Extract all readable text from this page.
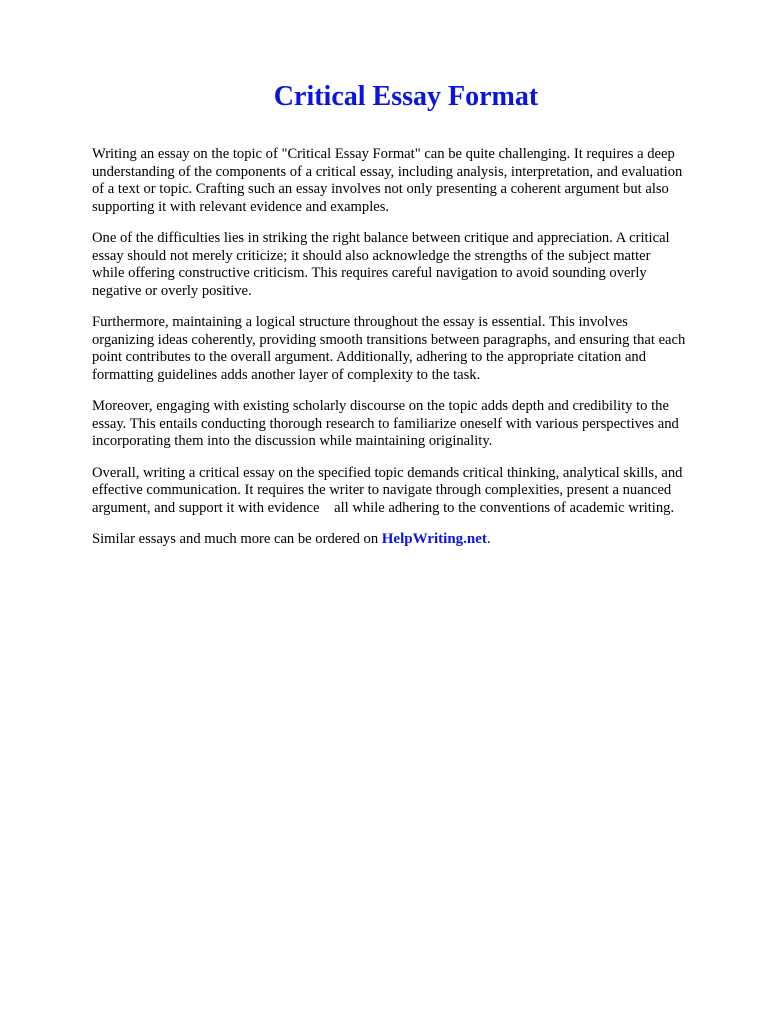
Critical Essay Format

Writing an essay on the topic of "Critical Essay Format" can be quite challenging. It requires a deep
understanding of the components of a critical essay, including analysis, interpretation, and evaluation
of a text or topic. Crafting such an essay involves not only presenting a coherent argument but also
supporting it with relevant evidence and examples.

One of the difficulties lies in striking the right balance between critique and appreciation. A critical
essay should not merely criticize; it should also acknowledge the strengths of the subject matter
while offering constructive criticism. This requires careful navigation to avoid sounding overly
negative or overly positive.

Furthermore, maintaining a logical structure throughout the essay is essential. This involves
organizing ideas coherently, providing smooth transitions between paragraphs, and ensuring that each
point contributes to the overall argument. Additionally, adhering to the appropriate citation and
formatting guidelines adds another layer of complexity to the task.

Moreover, engaging with existing scholarly discourse on the topic adds depth and credibility to the
essay. This entails conducting thorough research to familiarize oneself with various perspectives and
incorporating them into the discussion while maintaining originality.

Overall, writing a critical essay on the specified topic demands critical thinking, analytical skills, and
effective communication. It requires the writer to navigate through complexities, present a nuanced
argument, and support it with evidence    all while adhering to the conventions of academic writing.

Similar essays and much more can be ordered on HelpWriting.net.
